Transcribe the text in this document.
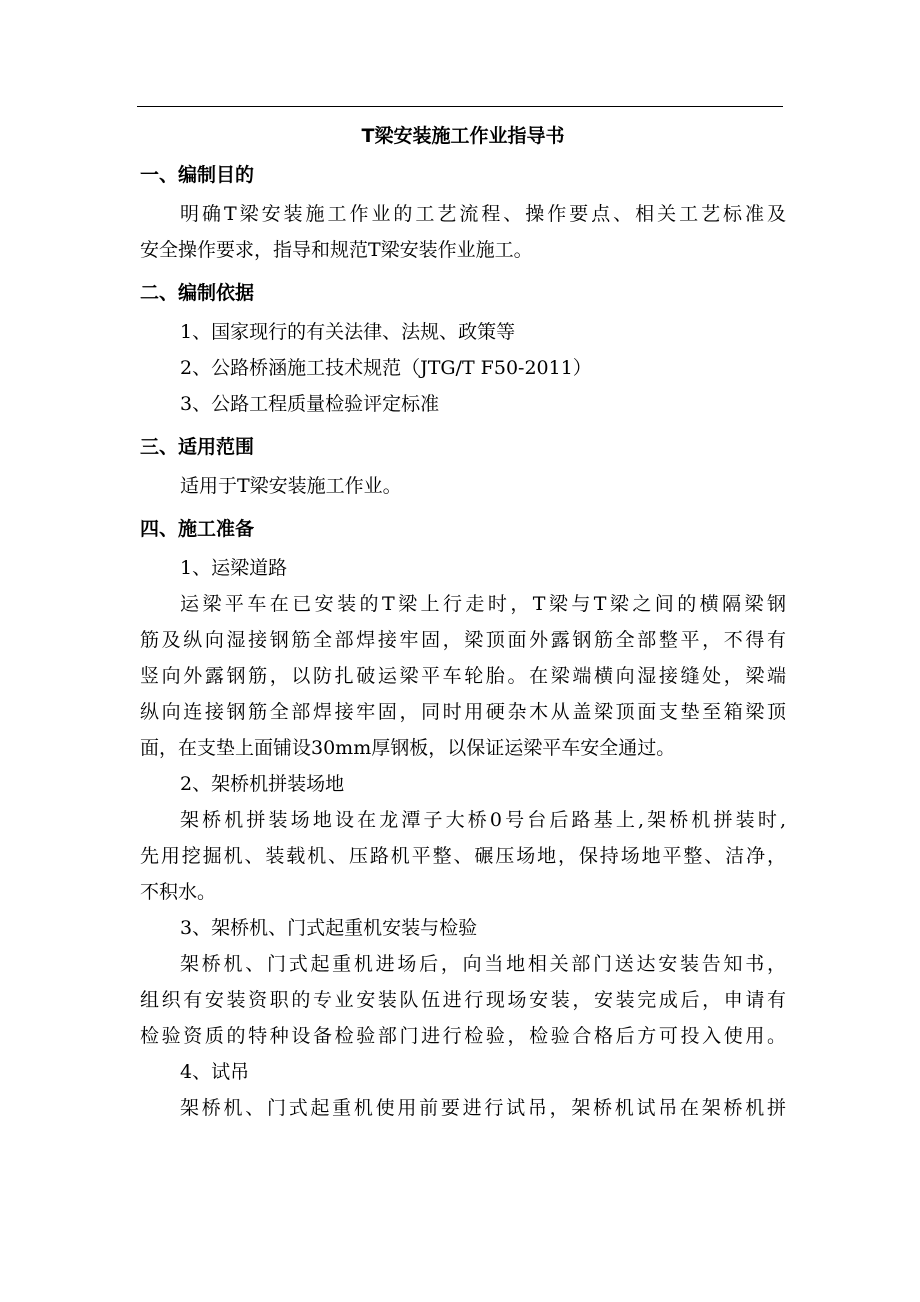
T梁安装施工作业指导书
一、编制目的
明确T梁安装施工作业的工艺流程、操作要点、相关工艺标准及
安全操作要求，指导和规范T梁安装作业施工。
二、编制依据
1、国家现行的有关法律、法规、政策等
2、公路桥涵施工技术规范（JTG/T F50-2011）
3、公路工程质量检验评定标准
三、适用范围
适用于T梁安装施工作业。
四、施工准备
1、运梁道路
运梁平车在已安装的T梁上行走时，T梁与T梁之间的横隔梁钢
筋及纵向湿接钢筋全部焊接牢固，梁顶面外露钢筋全部整平，不得有
竖向外露钢筋，以防扎破运梁平车轮胎。在梁端横向湿接缝处，梁端
纵向连接钢筋全部焊接牢固，同时用硬杂木从盖梁顶面支垫至箱梁顶
面，在支垫上面铺设30mm厚钢板，以保证运梁平车安全通过。
2、架桥机拼装场地
架桥机拼装场地设在龙潭子大桥0号台后路基上,架桥机拼装时,
先用挖掘机、装载机、压路机平整、碾压场地，保持场地平整、洁净，
不积水。
3、架桥机、门式起重机安装与检验
架桥机、门式起重机进场后，向当地相关部门送达安装告知书，
组织有安装资职的专业安装队伍进行现场安装，安装完成后，申请有
检验资质的特种设备检验部门进行检验，检验合格后方可投入使用。
4、试吊
架桥机、门式起重机使用前要进行试吊，架桥机试吊在架桥机拼
